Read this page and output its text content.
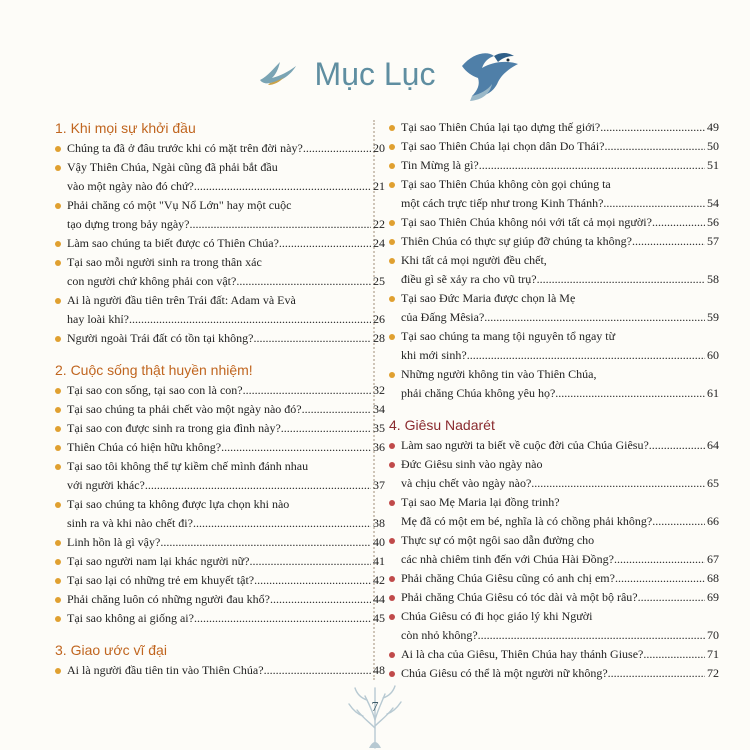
Mục Lục
1. Khi mọi sự khởi đầu
Chúng ta đã ở đâu trước khi có mặt trên đời này? .....	20
Vậy Thiên Chúa, Ngài cũng đã phải bắt đầu
vào một ngày nào đó chứ? .....	21
Phải chăng có một "Vụ Nổ Lớn" hay một cuộc
tạo dựng trong bảy ngày? .....	22
Làm sao chúng ta biết được có Thiên Chúa? .....	24
Tại sao mỗi người sinh ra trong thân xác
con người chứ không phải con vật? .....	25
Ai là người đầu tiên trên Trái đất: Adam và Evà
hay loài khỉ? .....	26
Người ngoài Trái đất có tồn tại không? .....	28
2. Cuộc sống thật huyền nhiệm!
Tại sao con sống, tại sao con là con? .....	32
Tại sao chúng ta phải chết vào một ngày nào đó? .....	34
Tại sao con được sinh ra trong gia đình này? .....	35
Thiên Chúa có hiện hữu không? .....	36
Tại sao tôi không thể tự kiềm chế mình đánh nhau
với người khác? .....	37
Tại sao chúng ta không được lựa chọn khi nào
sinh ra và khi nào chết đi? .....	38
Linh hồn là gì vậy? .....	40
Tại sao người nam lại khác người nữ? .....	41
Tại sao lại có những trẻ em khuyết tật? .....	42
Phải chăng luôn có những người đau khổ? .....	44
Tại sao không ai giống ai? .....	45
3. Giao ước vĩ đại
Ai là người đầu tiên tin vào Thiên Chúa? .....	48
Tại sao Thiên Chúa lại tạo dựng thế giới? .....	49
Tại sao Thiên Chúa lại chọn dân Do Thái? .....	50
Tin Mừng là gì? .....	51
Tại sao Thiên Chúa không còn gọi chúng ta
một cách trực tiếp như trong Kinh Thánh? .....	54
Tại sao Thiên Chúa không nói với tất cả mọi người? .....	56
Thiên Chúa có thực sự giúp đỡ chúng ta không? .....	57
Khi tất cả mọi người đều chết,
điều gì sẽ xảy ra cho vũ trụ? .....	58
Tại sao Đức Maria được chọn là Mẹ
của Đấng Mêsia? .....	59
Tại sao chúng ta mang tội nguyên tổ ngay từ
khi mới sinh? .....	60
Những người không tin vào Thiên Chúa,
phải chăng Chúa không yêu họ? .....	61
4. Giêsu Nadarét
Làm sao người ta biết về cuộc đời của Chúa Giêsu? .....	64
Đức Giêsu sinh vào ngày nào
và chịu chết vào ngày nào? .....	65
Tại sao Mẹ Maria lại đồng trinh?
Mẹ đã có một em bé, nghĩa là có chồng phải không? .....	66
Thực sự có một ngôi sao dẫn đường cho
các nhà chiêm tinh đến với Chúa Hài Đồng? .....	67
Phải chăng Chúa Giêsu cũng có anh chị em? .....	68
Phải chăng Chúa Giêsu có tóc dài và một bộ râu? .....	69
Chúa Giêsu có đi học giáo lý khi Người
còn nhỏ không? .....	70
Ai là cha của Giêsu, Thiên Chúa hay thánh Giuse? .....	71
Chúa Giêsu có thể là một người nữ không? .....	72
7
